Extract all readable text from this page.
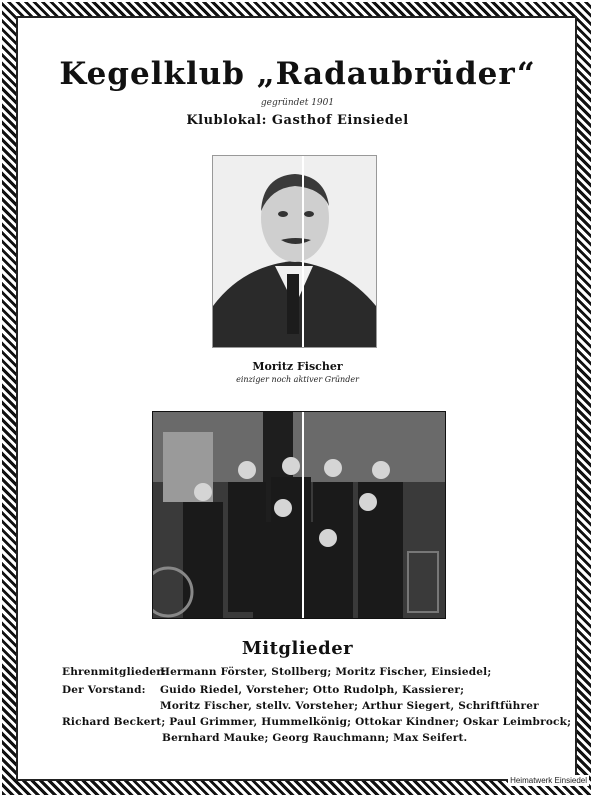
Kegelklub „Radaubrüder“
gegründet 1901
Klublokal: Gasthof Einsiedel
Moritz Fischer
einziger noch aktiver Gründer
Mitglieder
Ehrenmitglieder:Hermann Förster, Stollberg; Moritz Fischer, Einsiedel;
Der Vorstand: Guido Riedel, Vorsteher; Otto Rudolph, Kassierer;
Moritz Fischer, stellv. Vorsteher; Arthur Siegert, Schriftführer
Richard Beckert; Paul Grimmer, Hummelkönig; Ottokar Kindner; Oskar Leimbrock;
Bernhard Mauke; Georg Rauchmann; Max Seifert.
Heimatwerk Einsiedel
